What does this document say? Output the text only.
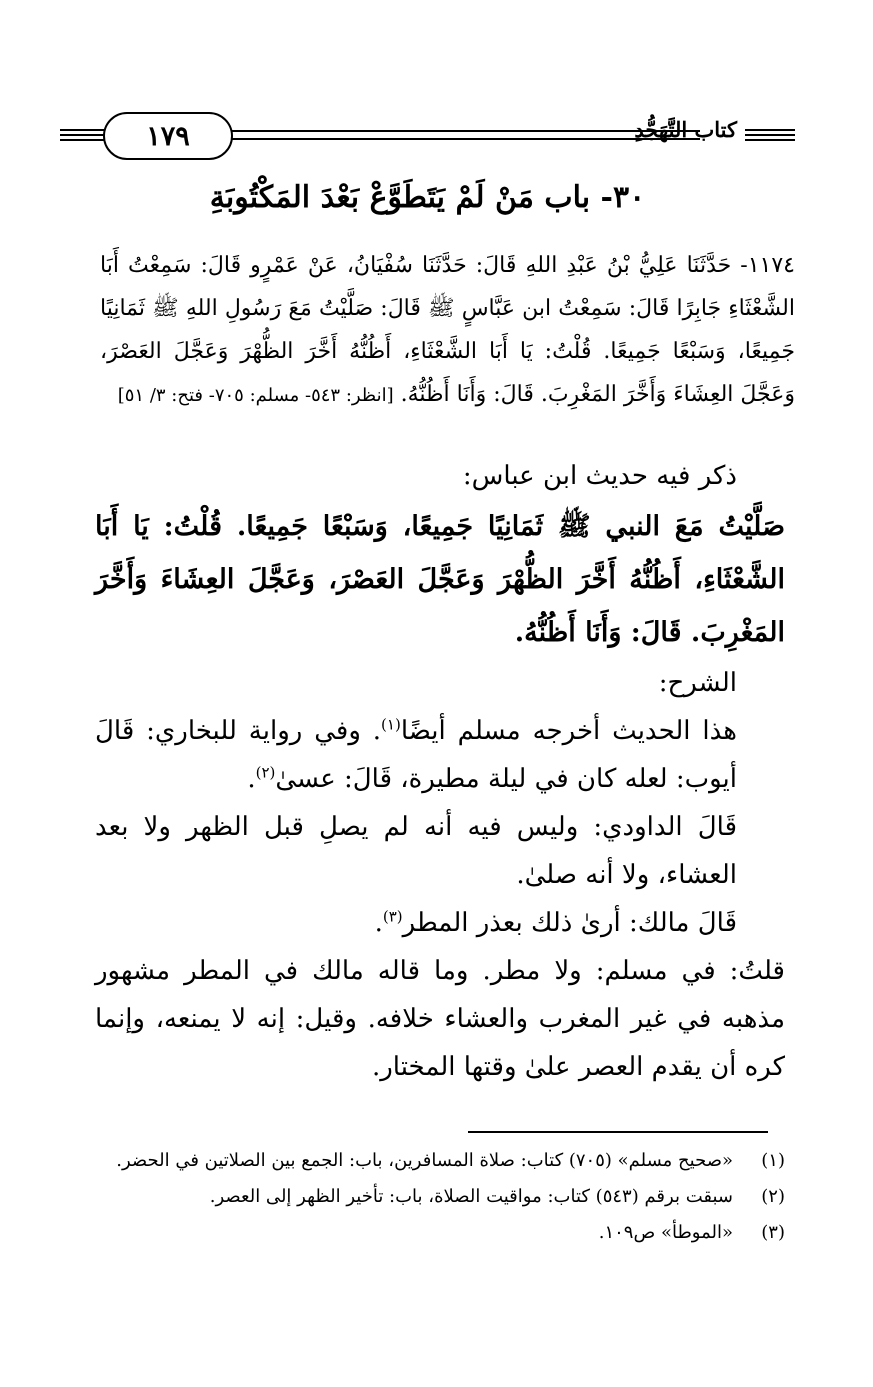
١٧٩	كتاب التَّهَجُّدِ
٣٠- باب مَنْ لَمْ يَتَطَوَّعْ بَعْدَ المَكْتُوبَةِ
١١٧٤- حَدَّثَنَا عَلِيُّ بْنُ عَبْدِ اللهِ قَالَ: حَدَّثَنَا سُفْيَانُ، عَنْ عَمْرٍو قَالَ: سَمِعْتُ أَبَا الشَّعْثَاءِ جَابِرًا قَالَ: سَمِعْتُ ابن عَبَّاسٍ ﷺ قَالَ: صَلَّيْتُ مَعَ رَسُولِ اللهِ ﷺ ثَمَانِيًا جَمِيعًا، وَسَبْعًا جَمِيعًا. قُلْتُ: يَا أَبَا الشَّعْثَاءِ، أَظُنُّهُ أَخَّرَ الظُّهْرَ وَعَجَّلَ العَصْرَ، وَعَجَّلَ العِشَاءَ وَأَخَّرَ المَغْرِبَ. قَالَ: وَأَنَا أَظُنُّهُ. [انظر: ٥٤٣- مسلم: ٧٠٥- فتح: ٣/ ٥١]

ذكر فيه حديث ابن عباس:

صَلَّيْتُ مَعَ النبي ﷺ ثَمَانِيًا جَمِيعًا، وَسَبْعًا جَمِيعًا. قُلْتُ: يَا أَبَا الشَّعْثَاءِ، أَظُنُّهُ أَخَّرَ الظُّهْرَ وَعَجَّلَ العَصْرَ، وَعَجَّلَ العِشَاءَ وَأَخَّرَ المَغْرِبَ. قَالَ: وَأَنَا أَظُنُّهُ.

الشرح:

هذا الحديث أخرجه مسلم أيضًا$^{(١)}$. وفي رواية للبخاري: قَالَ أيوب: لعله كان في ليلة مطيرة، قَالَ: عسىٰ$^{(٢)}$.

قَالَ الداودي: وليس فيه أنه لم يصلِ قبل الظهر ولا بعد العشاء، ولا أنه صلىٰ.

قَالَ مالك: أرىٰ ذلك بعذر المطر$^{(٣)}$.

قلتُ: في مسلم: ولا مطر. وما قاله مالك في المطر مشهور مذهبه في غير المغرب والعشاء خلافه. وقيل: إنه لا يمنعه، وإنما كره أن يقدم العصر علىٰ وقتها المختار.

(١)
«صحيح مسلم» (٧٠٥) كتاب: صلاة المسافرين، باب: الجمع بين الصلاتين في الحضر.
(٢)
سبقت برقم (٥٤٣) كتاب: مواقيت الصلاة، باب: تأخير الظهر إلى العصر.
(٣)
«الموطأ» ص١٠٩.
